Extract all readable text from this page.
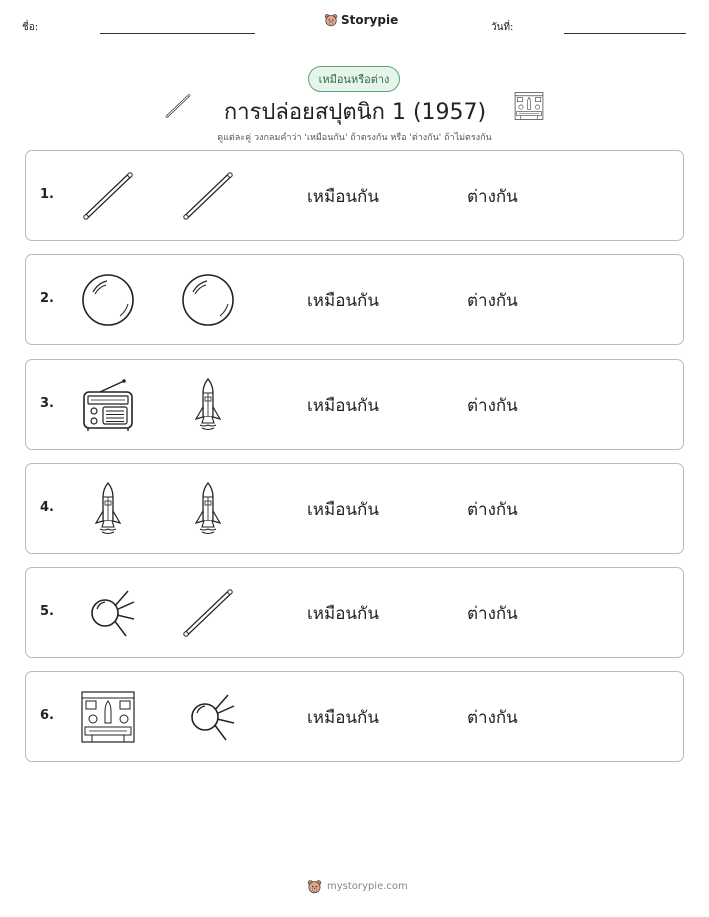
ชื่อ:
Storypie
วันที่:
เหมือนหรือต่าง
การปล่อยสปุตนิก 1 (1957)
ดูแต่ละคู่ วงกลมคำว่า 'เหมือนกัน' ถ้าตรงกัน หรือ 'ต่างกัน' ถ้าไม่ตรงกัน
1.	เหมือนกัน	ต่างกัน
2.	เหมือนกัน	ต่างกัน
3.	เหมือนกัน	ต่างกัน
4.	เหมือนกัน	ต่างกัน
5.	เหมือนกัน	ต่างกัน
6.	เหมือนกัน	ต่างกัน
mystorypie.com
